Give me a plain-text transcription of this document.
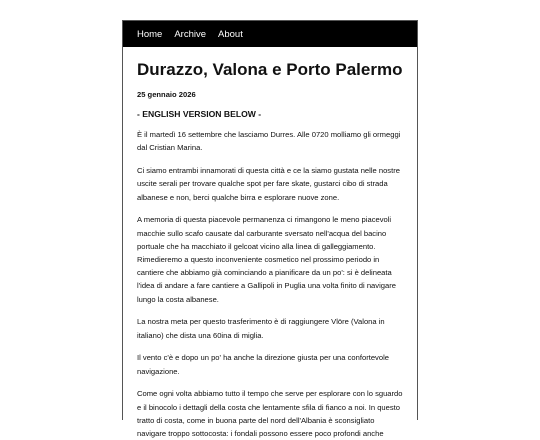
Home Archive About
Durazzo, Valona e Porto Palermo
25 gennaio 2026
- ENGLISH VERSION BELOW -

È il martedì 16 settembre che lasciamo Durres. Alle 0720 molliamo gli ormeggi dal Cristian Marina.

Ci siamo entrambi innamorati di questa città e ce la siamo gustata nelle nostre uscite serali per trovare qualche spot per fare skate, gustarci cibo di strada albanese e non, berci qualche birra e esplorare nuove zone.

A memoria di questa piacevole permanenza ci rimangono le meno piacevoli macchie sullo scafo causate dal carburante sversato nell'acqua del bacino portuale che ha macchiato il gelcoat vicino alla linea di galleggiamento. Rimedieremo a questo inconveniente cosmetico nel prossimo periodo in cantiere che abbiamo già cominciando a pianificare da un po': si è delineata l'idea di andare a fare cantiere a Gallipoli in Puglia una volta finito di navigare lungo la costa albanese.

La nostra meta per questo trasferimento è di raggiungere Vlöre (Valona in italiano) che dista una 60ina di miglia.

Il vento c'è e dopo un po' ha anche la direzione giusta per una confortevole navigazione.

Come ogni volta abbiamo tutto il tempo che serve per esplorare con lo sguardo e il binocolo i dettagli della costa che lentamente sfila di fianco a noi. In questo tratto di costa, come in buona parte del nord dell'Albania è sconsigliato navigare troppo sottocosta: i fondali possono essere poco profondi anche
